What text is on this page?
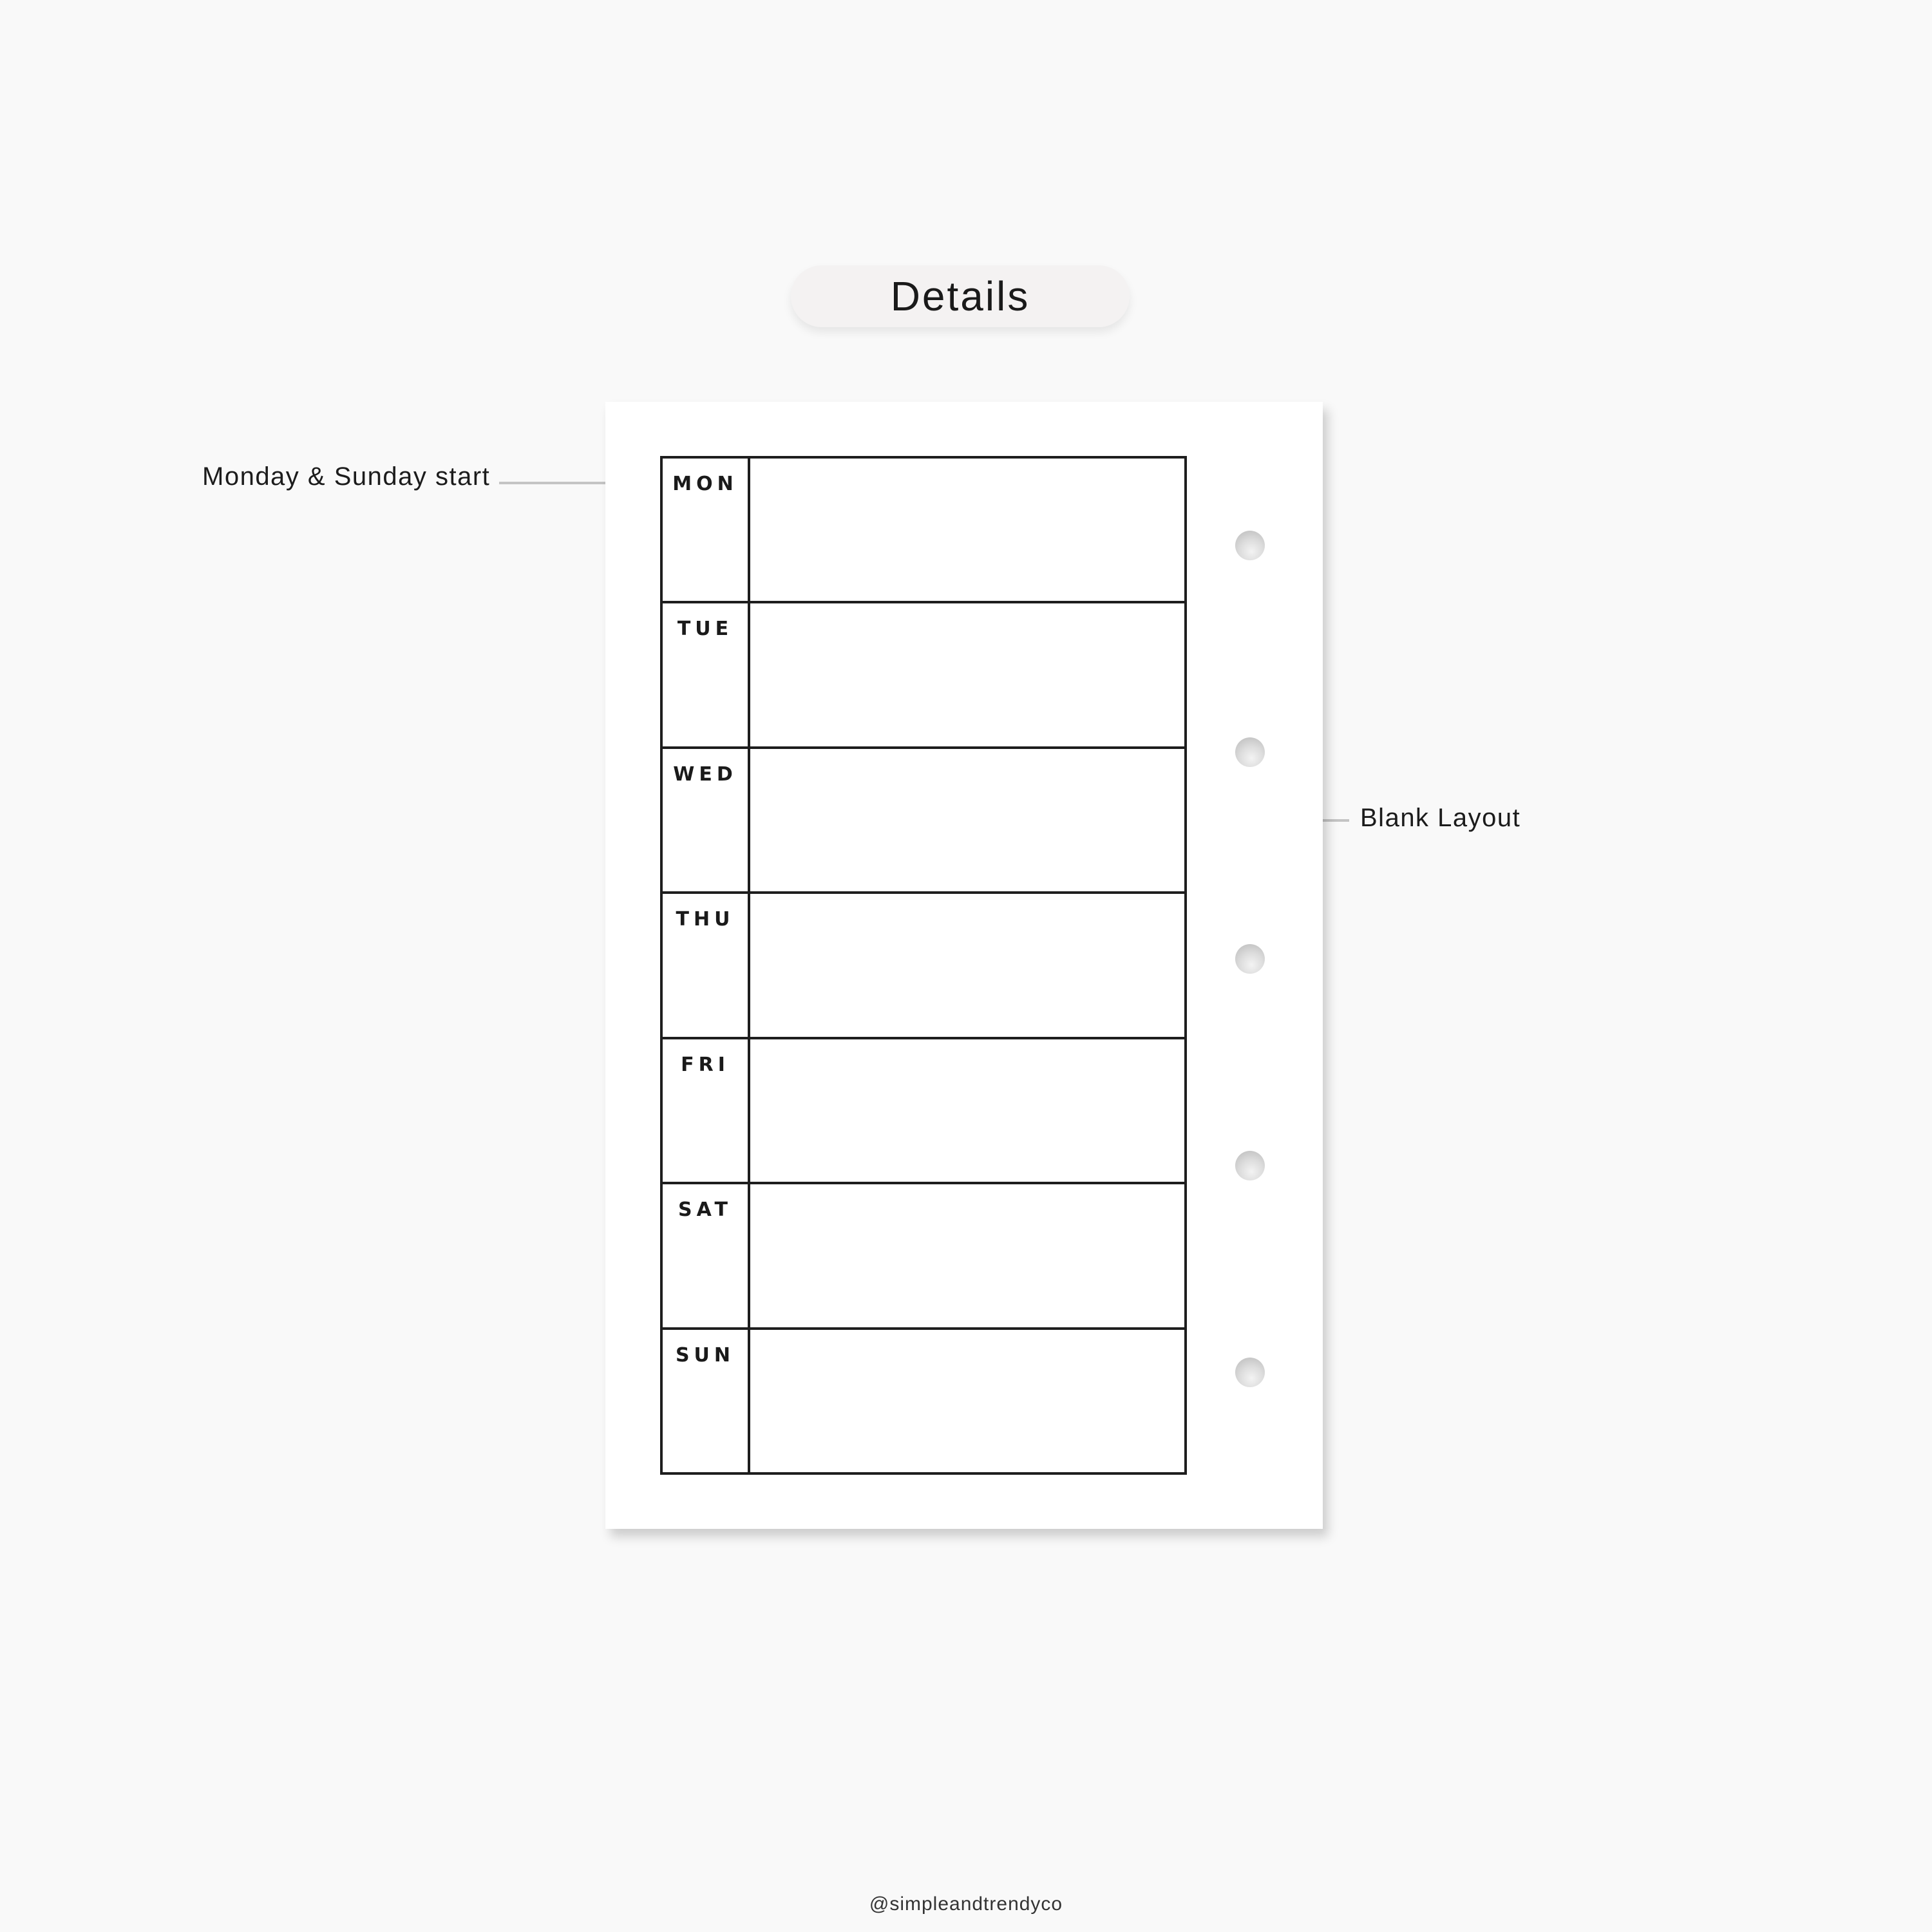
Details
Monday & Sunday start
Blank Layout
MON
TUE
WED
THU
FRI
SAT
SUN
@simpleandtrendyco
